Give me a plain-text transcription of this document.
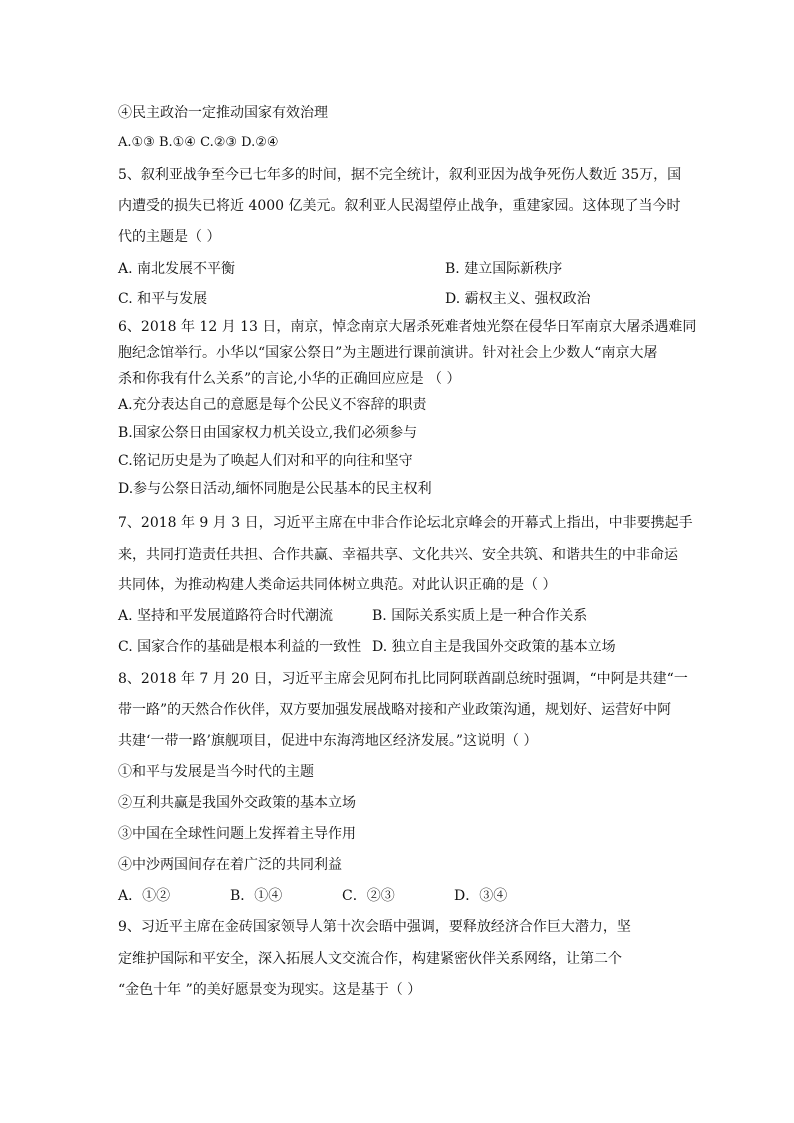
④民主政治一定推动国家有效治理
A.①③ B.①④ C.②③ D.②④
5、叙利亚战争至今已七年多的时间，据不完全统计，叙利亚因为战争死伤人数近 35万，国
内遭受的损失已将近 4000 亿美元。叙利亚人民渴望停止战争，重建家园。这体现了当今时
代的主题是（ ）
A. 南北发展不平衡	B. 建立国际新秩序
C. 和平与发展	D. 霸权主义、强权政治
6、2018 年 12 月 13 日，南京，悼念南京大屠杀死难者烛光祭在侵华日军南京大屠杀遇难同
胞纪念馆举行。小华以“国家公祭日”为主题进行课前演讲。针对社会上少数人“南京大屠
杀和你我有什么关系”的言论,小华的正确回应应是 （ ）
A.充分表达自己的意愿是每个公民义不容辞的职责
B.国家公祭日由国家权力机关设立,我们必须参与
C.铭记历史是为了唤起人们对和平的向往和坚守
D.参与公祭日活动,缅怀同胞是公民基本的民主权利
7、2018 年 9 月 3 日，习近平主席在中非合作论坛北京峰会的开幕式上指出，中非要携起手
来，共同打造责任共担、合作共赢、幸福共享、文化共兴、安全共筑、和谐共生的中非命运
共同体，为推动构建人类命运共同体树立典范。对此认识正确的是（ ）
A. 坚持和平发展道路符合时代潮流	B. 国际关系实质上是一种合作关系
C. 国家合作的基础是根本利益的一致性 D. 独立自主是我国外交政策的基本立场
8、2018 年 7 月 20 日，习近平主席会见阿布扎比同阿联酋副总统时强调，“中阿是共建“一
带一路”的天然合作伙伴，双方要加强发展战略对接和产业政策沟通，规划好、运营好中阿
共建‘一带一路’旗舰项目，促进中东海湾地区经济发展。”这说明（ ）
①和平与发展是当今时代的主题
②互利共赢是我国外交政策的基本立场
③中国在全球性问题上发挥着主导作用
④中沙两国间存在着广泛的共同利益
A．①②	B．①④	C．②③	D．③④
9、习近平主席在金砖国家领导人第十次会晤中强调，要释放经济合作巨大潜力，坚
定维护国际和平安全，深入拓展人文交流合作，构建紧密伙伴关系网络，让第二个
“金色十年 ”的美好愿景变为现实。这是基于（ ）
